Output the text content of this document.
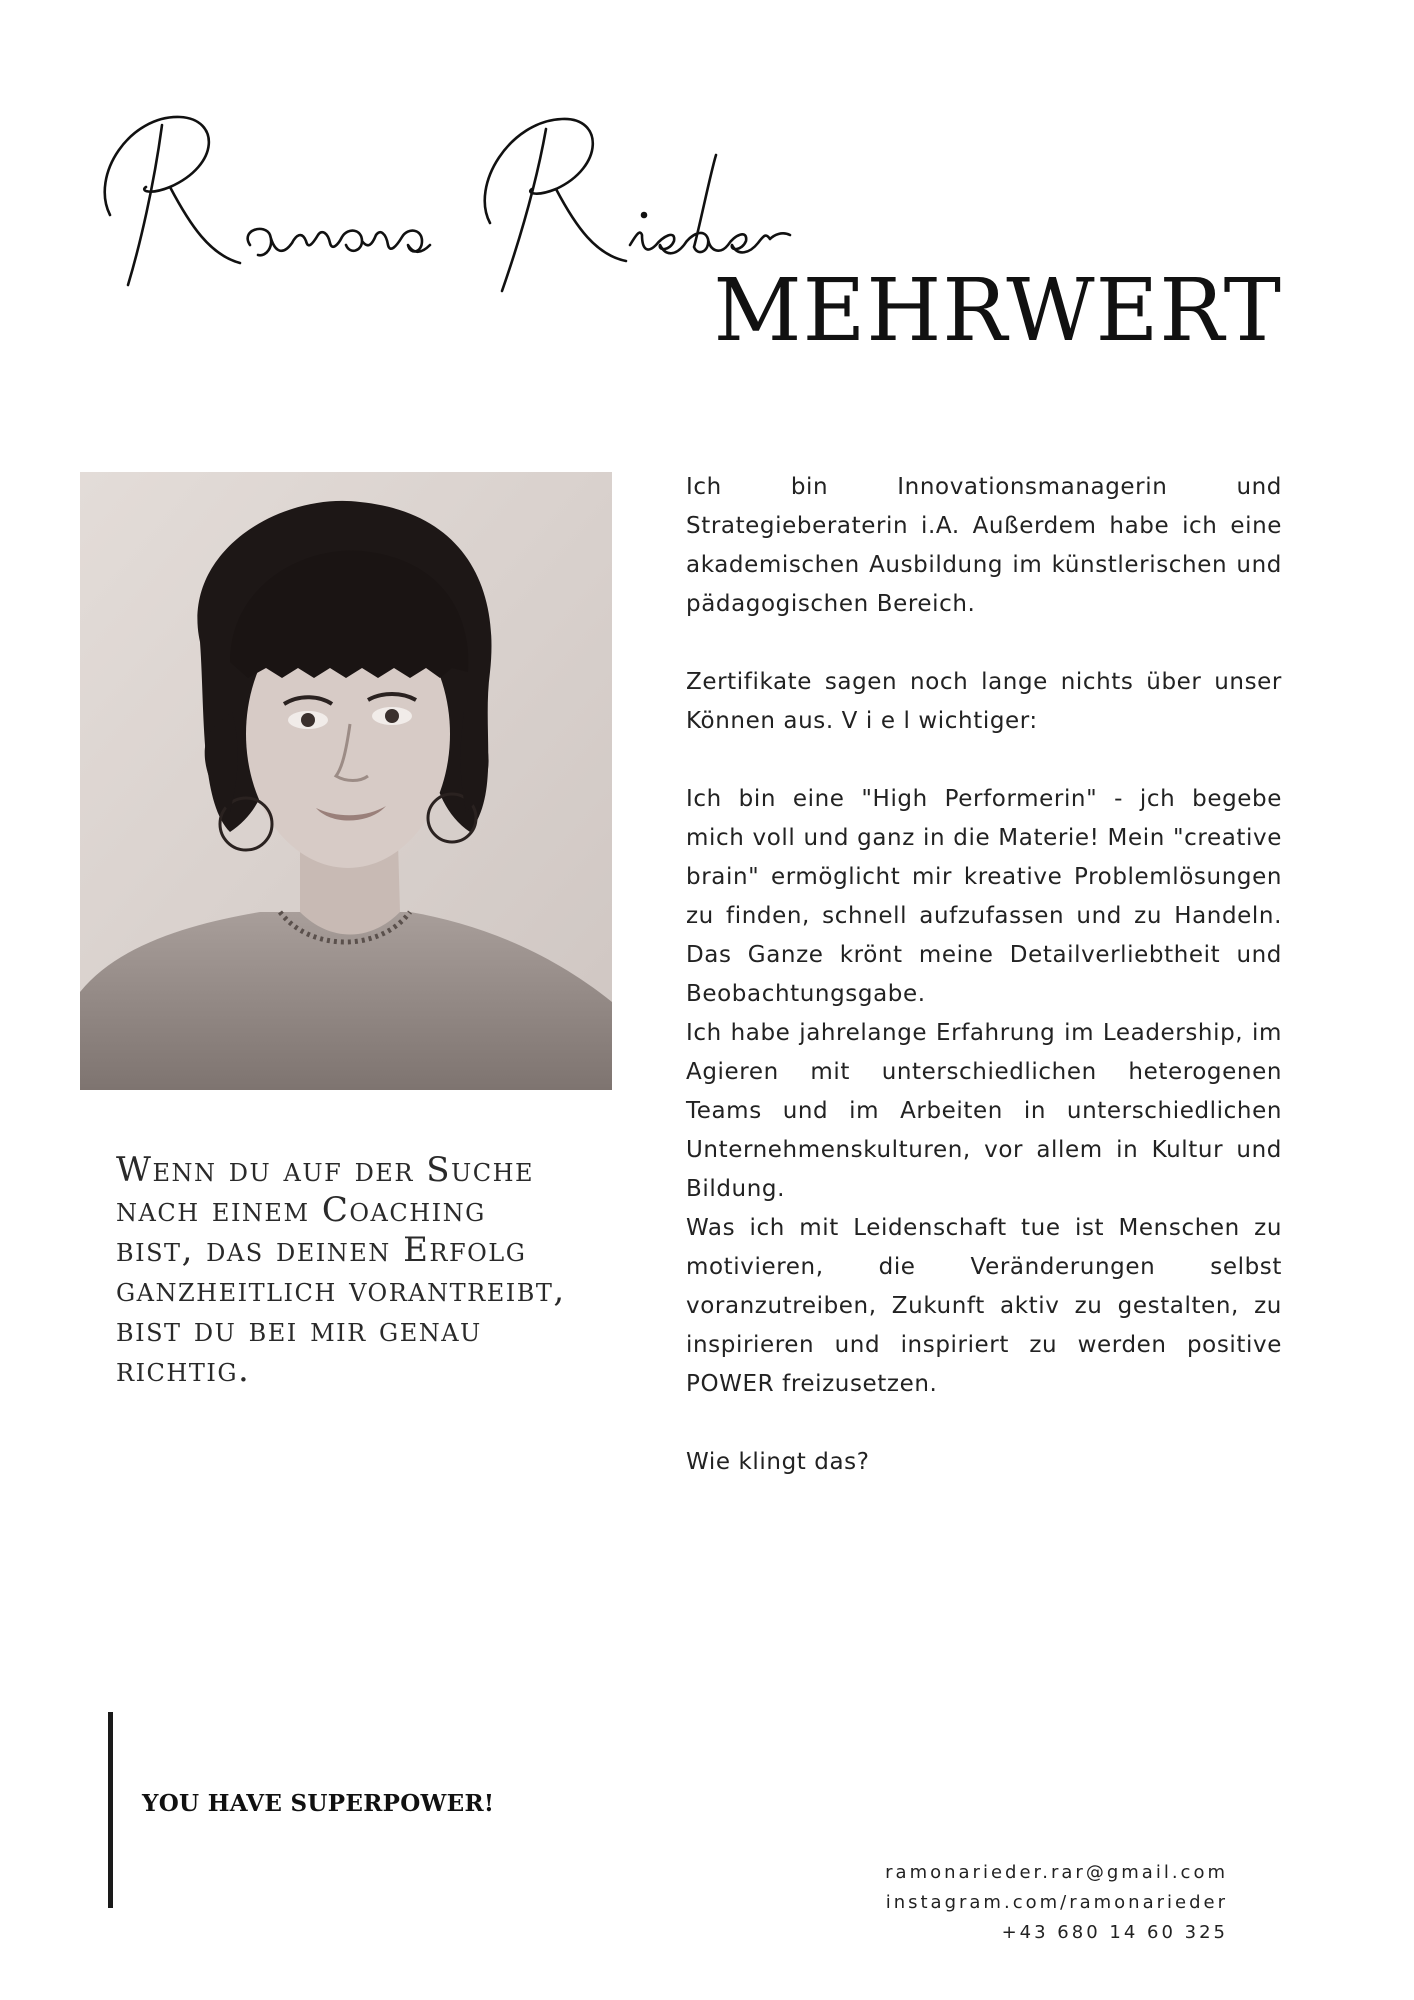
MEHRWERT

Ich bin Innovationsmanagerin und Strategieberaterin i.A. Außerdem habe ich eine akademischen Ausbildung im künstlerischen und pädagogischen Bereich.

Zertifikate sagen noch lange nichts über unser Können aus. V i e l wichtiger:

Ich bin eine "High Performerin" - jch begebe mich voll und ganz in die Materie! Mein "creative brain" ermöglicht mir kreative Problemlösungen zu finden, schnell aufzufassen und zu Handeln. Das Ganze krönt meine Detailverliebtheit und Beobachtungsgabe.

Ich habe jahrelange Erfahrung im Leadership, im Agieren mit unterschiedlichen heterogenen Teams und im Arbeiten in unterschiedlichen Unternehmenskulturen, vor allem in Kultur und Bildung.

Was ich mit Leidenschaft tue ist Menschen zu motivieren, die Veränderungen selbst voranzutreiben, Zukunft aktiv zu gestalten, zu inspirieren und inspiriert zu werden positive POWER freizusetzen.

Wie klingt das?

Wenn du auf der Suche nach einem Coaching bist, das deinen Erfolg ganzheitlich vorantreibt, bist du bei mir genau richtig.

YOU HAVE SUPERPOWER!

ramonarieder.rar@gmail.com
instagram.com/ramonarieder
+43 680 14 60 325
